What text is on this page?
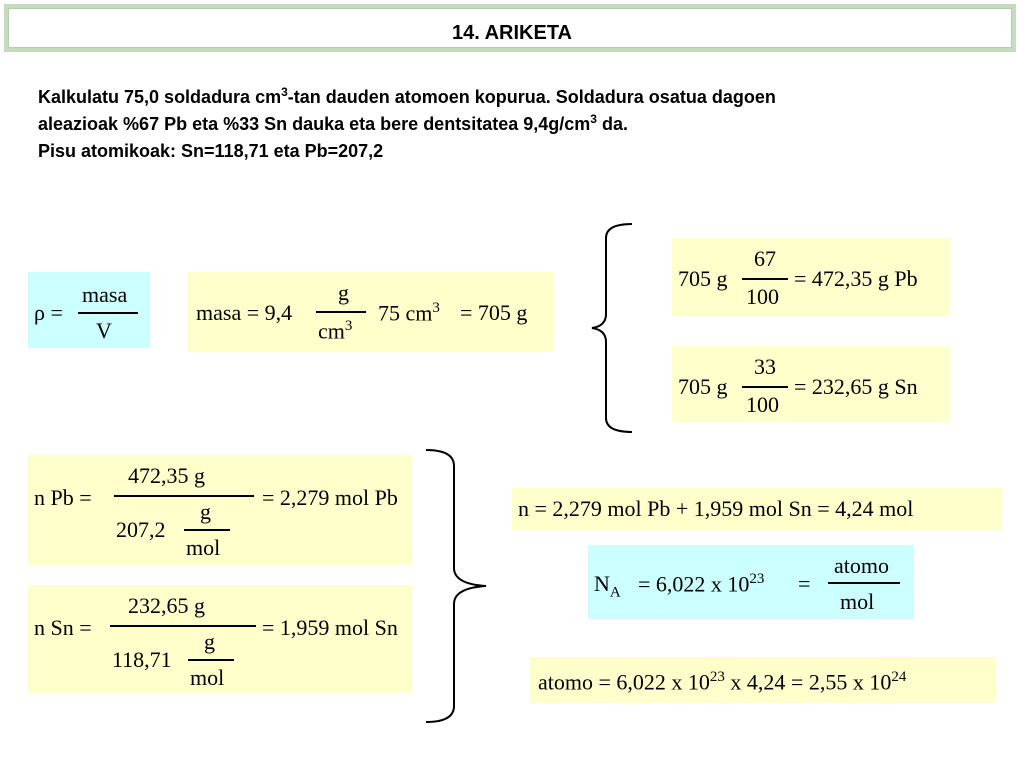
14. ARIKETA

Kalkulatu 75,0 soldadura $cm^3-\tan$ dauden atomoen kopurua. Soldadura osatua dagoen

aleazioak %67 Pb eta %33 Sn dauka eta bere dentsitatea $9,4g/cm^3$ da.

Pisu atomikoak: Sn=118,71 eta Pb=207,2

ρ =
masa
V
masa = 9,4
g
$cm^3$
75 $cm^3 = 705$ g
705 g
67
100
= 472,35 g Pb
705 g
33
100
= 232,65 g Sn
n Pb =
472,35 g
207,2
g
mol
= 2,279 mol Pb
n Sn =
232,65 g
118,71
g
mol
= 1,959 mol Sn
n = 2,279 mol Pb + 1,959 mol Sn = 4,24 mol
$N_A = 6,022$ x $10^{23}$ =
atomo
mol
atomo = 6,022 x $10^{23}$ x 4,24 = 2,55 x $10^{24}$
